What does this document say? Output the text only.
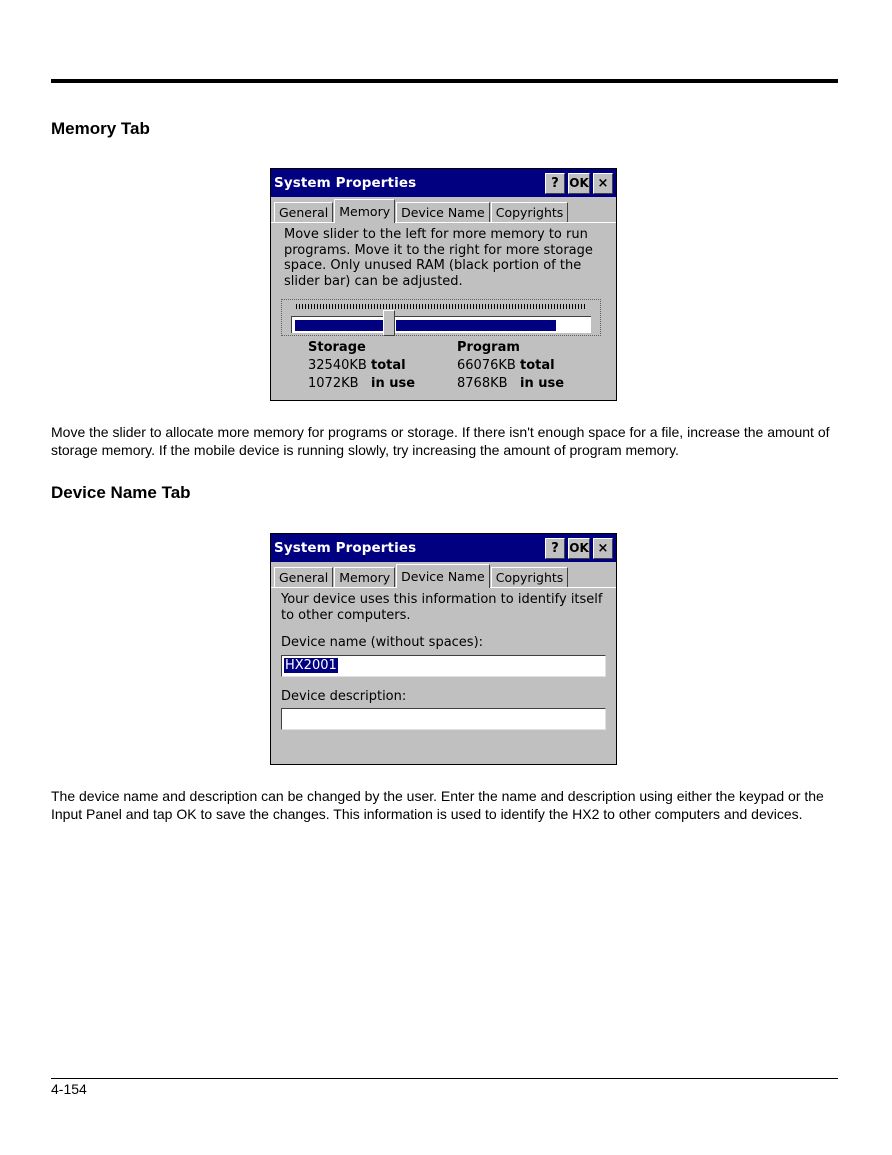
Memory Tab
System Properties	? OK ×
General Memory Device Name Copyrights
Move slider to the left for more memory to run programs. Move it to the right for more storage space. Only unused RAM (black portion of the slider bar) can be adjusted.
Storage
32540KB total
1072KB in use
Program
66076KB total
8768KB in use

Move the slider to allocate more memory for programs or storage. If there isn't enough space for a file, increase the amount of storage memory. If the mobile device is running slowly, try increasing the amount of program memory.

Device Name Tab
System Properties	? OK ×
General Memory Device Name Copyrights
Your device uses this information to identify itself to other computers.
Device name (without spaces):
HX2001
Device description:

The device name and description can be changed by the user. Enter the name and description using either the keypad or the Input Panel and tap OK to save the changes. This information is used to identify the HX2 to other computers and devices.

4-154
